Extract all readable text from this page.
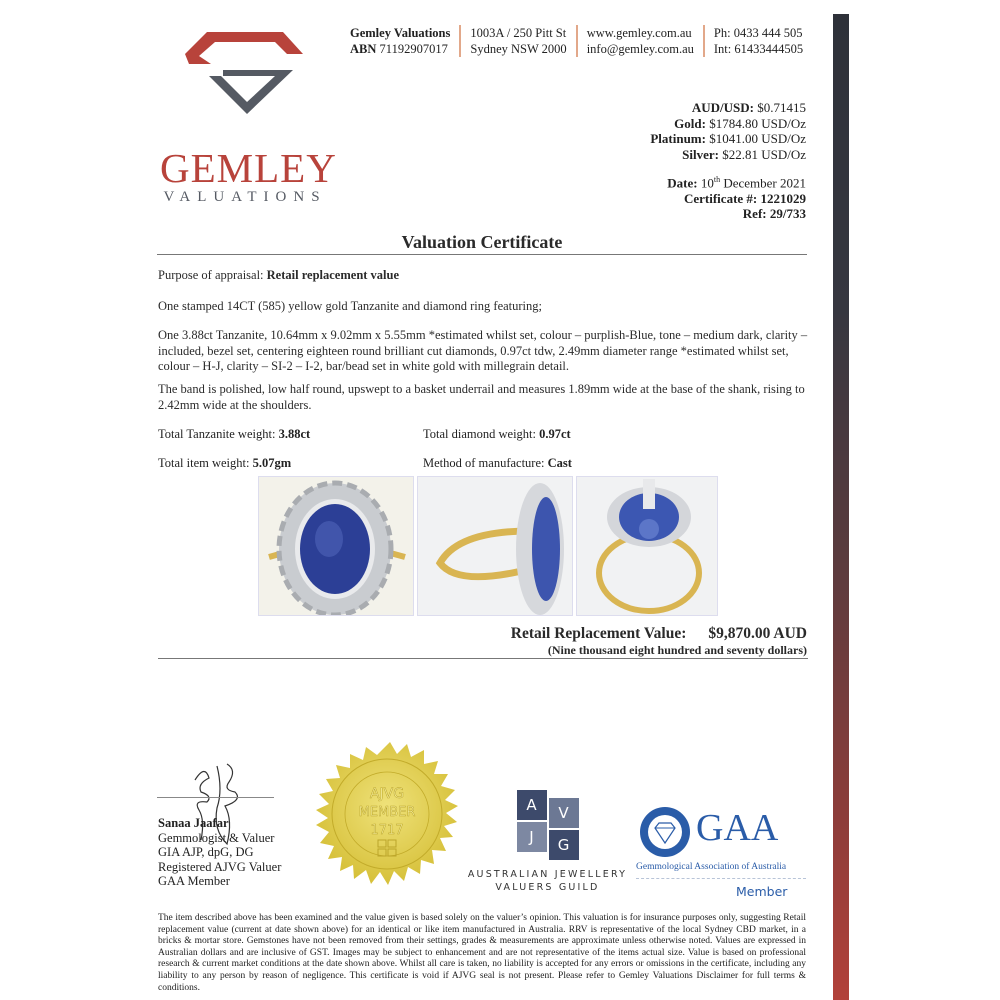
GEMLEY
VALUATIONS
Gemley Valuations
ABN 71192907017
1003A / 250 Pitt St
Sydney NSW 2000
www.gemley.com.au
info@gemley.com.au
Ph: 0433 444 505
Int: 61433444505
AUD/USD: $0.71415
Gold: $1784.80 USD/Oz
Platinum: $1041.00 USD/Oz
Silver: $22.81 USD/Oz
Date: 10th December 2021
Certificate #: 1221029
Ref: 29/733
Valuation Certificate
Purpose of appraisal: Retail replacement value
One stamped 14CT (585) yellow gold Tanzanite and diamond ring featuring;
One 3.88ct Tanzanite, 10.64mm x 9.02mm x 5.55mm *estimated whilst set, colour – purplish-Blue, tone – medium dark, clarity – included, bezel set, centering eighteen round brilliant cut diamonds, 0.97ct tdw, 2.49mm diameter range *estimated whilst set, colour – H-J, clarity – SI-2 – I-2, bar/bead set in white gold with millegrain detail.
The band is polished, low half round, upswept to a basket underrail and measures 1.89mm wide at the base of the shank, rising to 2.42mm wide at the shoulders.
Total Tanzanite weight: 3.88ct	Total diamond weight: 0.97ct
Total item weight: 5.07gm	Method of manufacture: Cast
Retail Replacement Value: $9,870.00 AUD
(Nine thousand eight hundred and seventy dollars)
Sanaa Jaafar
Gemmologist & Valuer
GIA AJP, dpG, DG
Registered AJVG Valuer
GAA Member
AJVG
MEMBER
1717
A	V
J	G
AUSTRALIAN JEWELLERY
VALUERS GUILD
GAA
Gemmological Association of Australia
Member
The item described above has been examined and the value given is based solely on the valuer’s opinion. This valuation is for insurance purposes only, suggesting Retail replacement value (current at date shown above) for an identical or like item manufactured in Australia. RRV is representative of the local Sydney CBD market, in a bricks & mortar store. Gemstones have not been removed from their settings, grades & measurements are approximate unless otherwise noted. Values are expressed in Australian dollars and are inclusive of GST. Images may be subject to enhancement and are not representative of the items actual size. Value is based on professional research & current market conditions at the date shown above. Whilst all care is taken, no liability is accepted for any errors or omissions in the certificate, including any liability to any person by reason of negligence. This certificate is void if AJVG seal is not present. Please refer to Gemley Valuations Disclaimer for full terms & conditions.
